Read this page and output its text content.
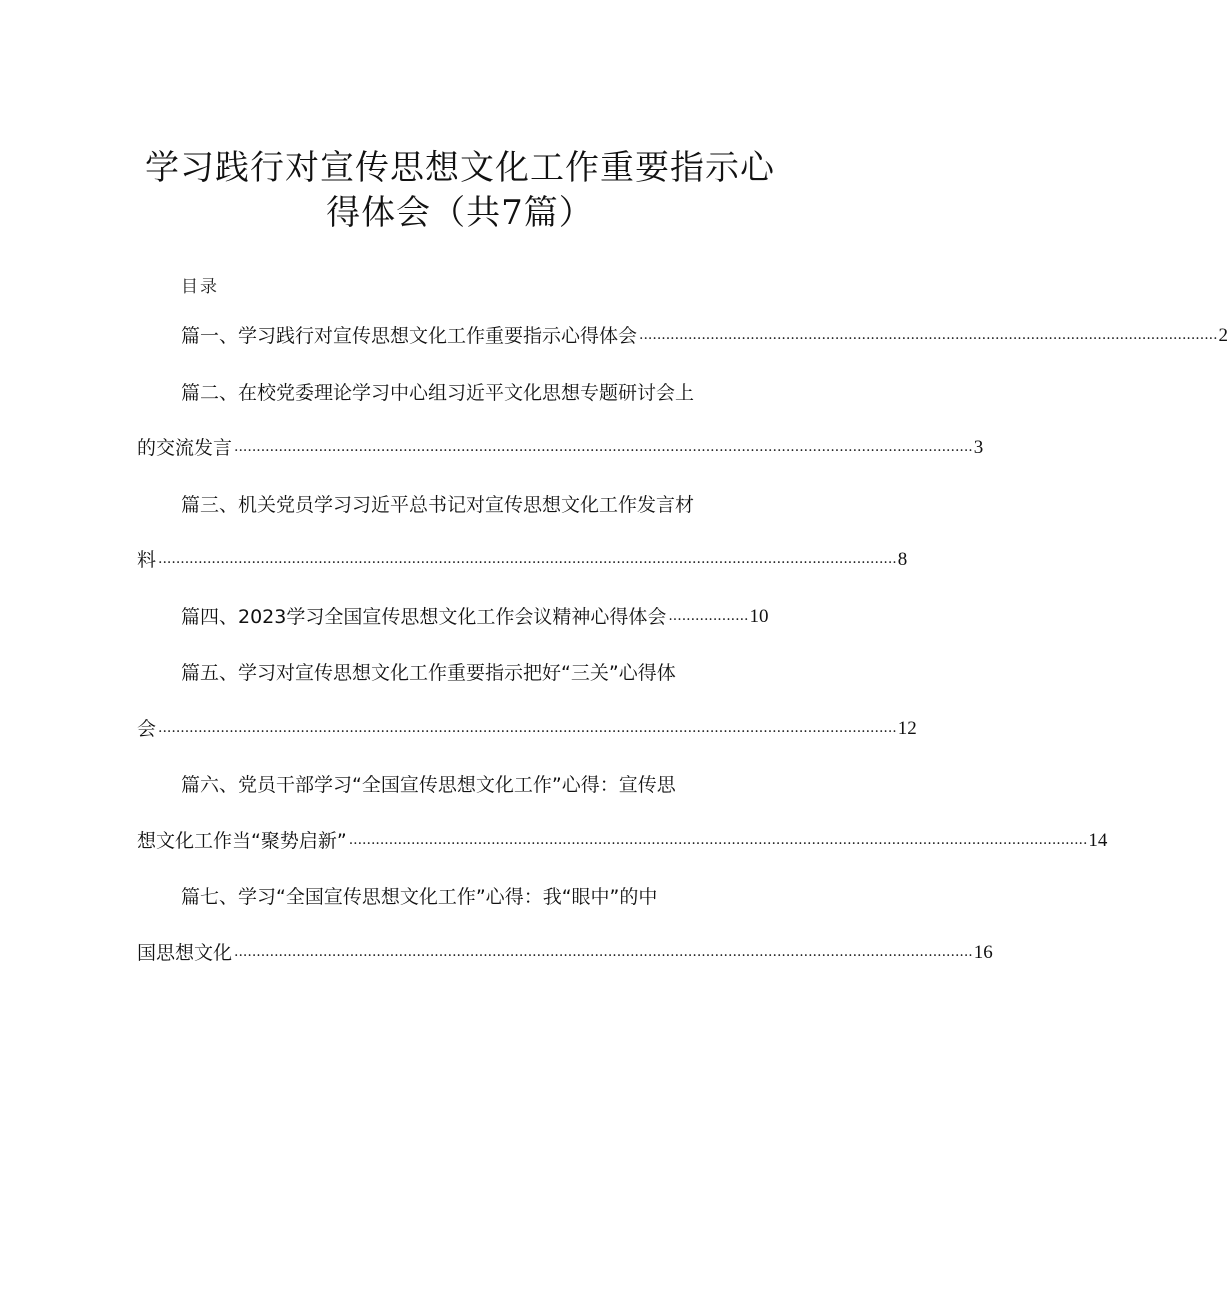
学习践行对宣传思想文化工作重要指示心
得体会（共7篇）
目录
篇一、学习践行对宣传思想文化工作重要指示心得体会 .................................................................................................................................. 2
篇二、在校党委理论学习中心组习近平文化思想专题研讨会上
的交流发言 ...................................................................................................................................................................... 3
篇三、机关党员学习习近平总书记对宣传思想文化工作发言材
料 ...................................................................................................................................................................... 8
篇四、2023学习全国宣传思想文化工作会议精神心得体会 .................. 10
篇五、学习对宣传思想文化工作重要指示把好“三关”心得体
会 ...................................................................................................................................................................... 12
篇六、党员干部学习“全国宣传思想文化工作”心得：宣传思
想文化工作当“聚势启新” ...................................................................................................................................................................... 14
篇七、学习“全国宣传思想文化工作”心得：我“眼中”的中
国思想文化 ...................................................................................................................................................................... 16
